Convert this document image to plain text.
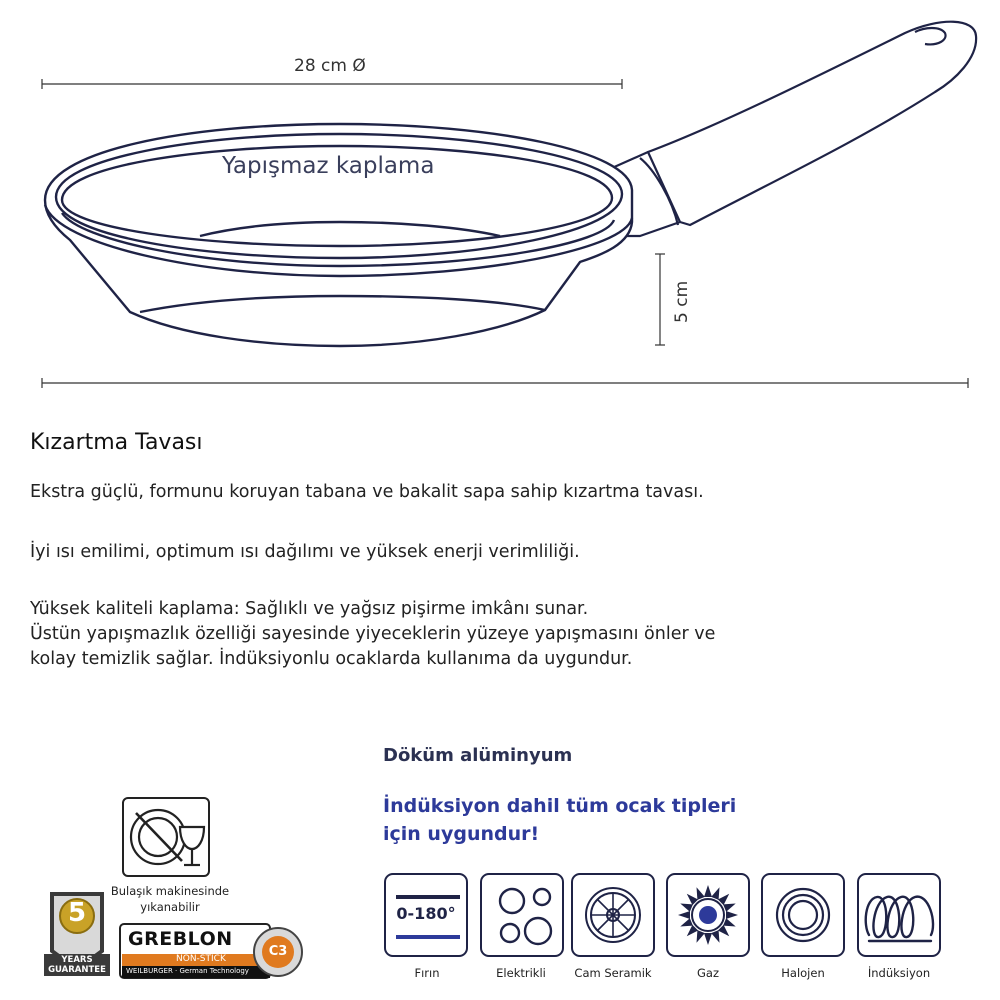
28 cm Ø
Yapışmaz kaplama
5 cm
Kızartma Tavası

Ekstra güçlü, formunu koruyan tabana ve bakalit sapa sahip kızartma tavası.

İyi ısı emilimi, optimum ısı dağılımı ve yüksek enerji verimliliği.

Yüksek kaliteli kaplama: Sağlıklı ve yağsız pişirme imkânı sunar.

Üstün yapışmazlık özelliği sayesinde yiyeceklerin yüzeye yapışmasını önler ve

kolay temizlik sağlar. İndüksiyonlu ocaklarda kullanıma da uygundur.

Döküm alüminyum
İndüksiyon dahil tüm ocak tipleri
için uygundur!
0-180°
Fırın	Elektrikli	Cam Seramik	Gaz	Halojen	İndüksiyon
Bulaşık makinesinde
yıkanabilir
5
YEARS
GUARANTEE
GREBLON
NON-STICK
WEILBURGER · German Technology
C3
